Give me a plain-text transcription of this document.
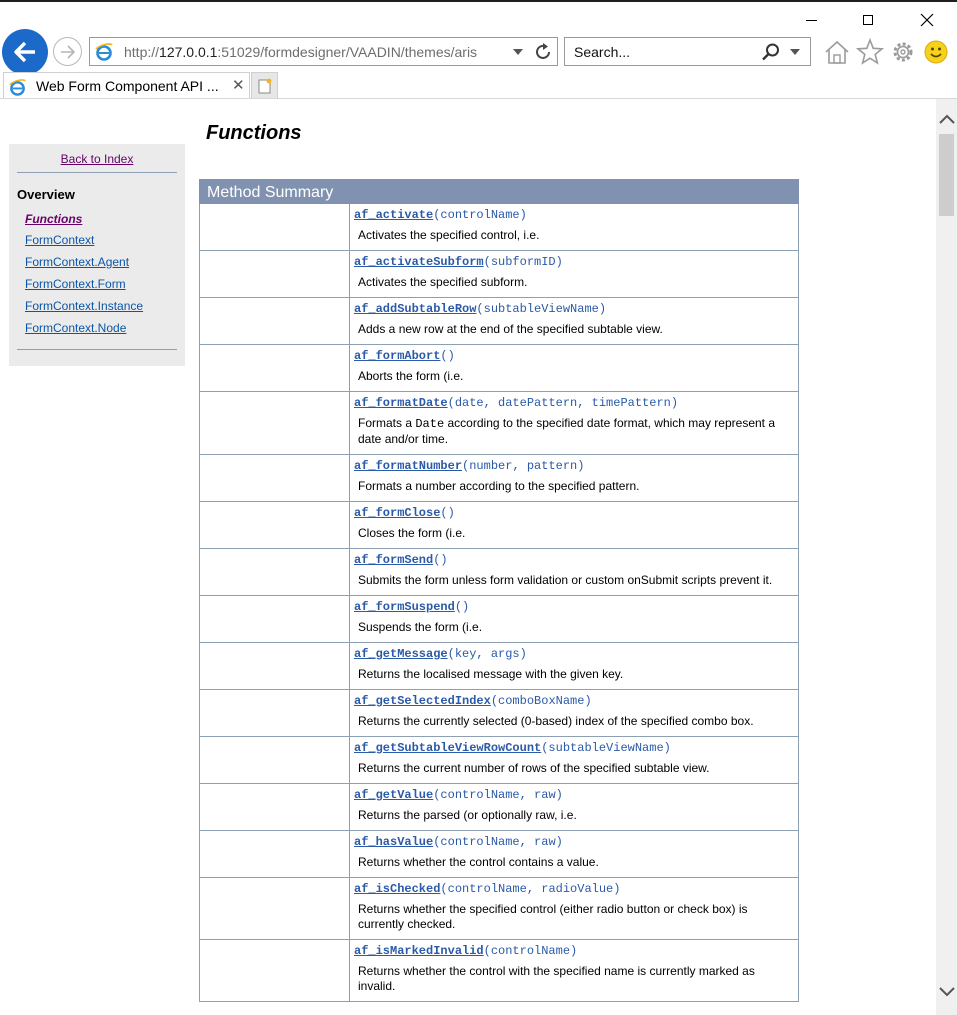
http://127.0.0.1:51029/formdesigner/VAADIN/themes/aris	Search...
Web Form Component API ... ✕
Back to Index
Overview
Functions
FormContext
FormContext.Agent
FormContext.Form
FormContext.Instance
FormContext.Node
Functions
Method Summary
af_activate(controlName)
Activates the specified control, i.e.
af_activateSubform(subformID)
Activates the specified subform.
af_addSubtableRow(subtableViewName)
Adds a new row at the end of the specified subtable view.
af_formAbort()
Aborts the form (i.e.
af_formatDate(date, datePattern, timePattern)
Formats a Date according to the specified date format, which may represent a date and/or time.
af_formatNumber(number, pattern)
Formats a number according to the specified pattern.
af_formClose()
Closes the form (i.e.
af_formSend()
Submits the form unless form validation or custom onSubmit scripts prevent it.
af_formSuspend()
Suspends the form (i.e.
af_getMessage(key, args)
Returns the localised message with the given key.
af_getSelectedIndex(comboBoxName)
Returns the currently selected (0-based) index of the specified combo box.
af_getSubtableViewRowCount(subtableViewName)
Returns the current number of rows of the specified subtable view.
af_getValue(controlName, raw)
Returns the parsed (or optionally raw, i.e.
af_hasValue(controlName, raw)
Returns whether the control contains a value.
af_isChecked(controlName, radioValue)
Returns whether the specified control (either radio button or check box) is currently checked.
af_isMarkedInvalid(controlName)
Returns whether the control with the specified name is currently marked as invalid.
